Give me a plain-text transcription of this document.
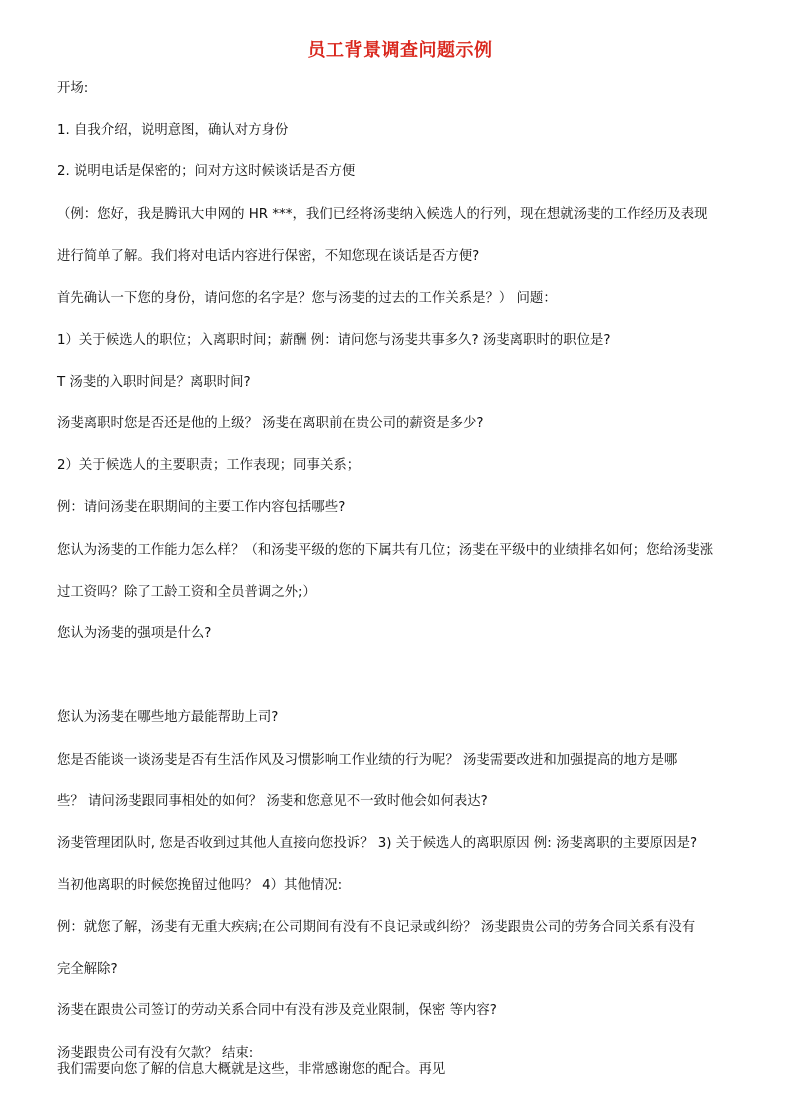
员工背景调查问题示例
开场:
1. 自我介绍，说明意图，确认对方身份
2. 说明电话是保密的；问对方这时候谈话是否方便
（例：您好，我是腾讯大申网的 HR ***，我们已经将汤斐纳入候选人的行列，现在想就汤斐的工作经历及表现
进行简单了解。我们将对电话内容进行保密，不知您现在谈话是否方便?
首先确认一下您的身份，请问您的名字是？您与汤斐的过去的工作关系是？） 问题：
1）关于候选人的职位；入离职时间；薪酬 例：请问您与汤斐共事多久? 汤斐离职时的职位是?
T 汤斐的入职时间是？离职时间?
汤斐离职时您是否还是他的上级？ 汤斐在离职前在贵公司的薪资是多少?
2）关于候选人的主要职责；工作表现；同事关系；
例：请问汤斐在职期间的主要工作内容包括哪些?
您认为汤斐的工作能力怎么样？（和汤斐平级的您的下属共有几位；汤斐在平级中的业绩排名如何；您给汤斐涨
过工资吗？除了工龄工资和全员普调之外;）
您认为汤斐的强项是什么?
您认为汤斐在哪些地方最能帮助上司?
您是否能谈一谈汤斐是否有生活作风及习惯影响工作业绩的行为呢？ 汤斐需要改进和加强提高的地方是哪
些？ 请问汤斐跟同事相处的如何？ 汤斐和您意见不一致时他会如何表达?
汤斐管理团队时, 您是否收到过其他人直接向您投诉？ 3) 关于候选人的离职原因 例: 汤斐离职的主要原因是?
当初他离职的时候您挽留过他吗？ 4）其他情况:
例：就您了解，汤斐有无重大疾病;在公司期间有没有不良记录或纠纷？ 汤斐跟贵公司的劳务合同关系有没有
完全解除?
汤斐在跟贵公司签订的劳动关系合同中有没有涉及竞业限制，保密 等内容?
汤斐跟贵公司有没有欠款？ 结束:
我们需要向您了解的信息大概就是这些，非常感谢您的配合。再见
